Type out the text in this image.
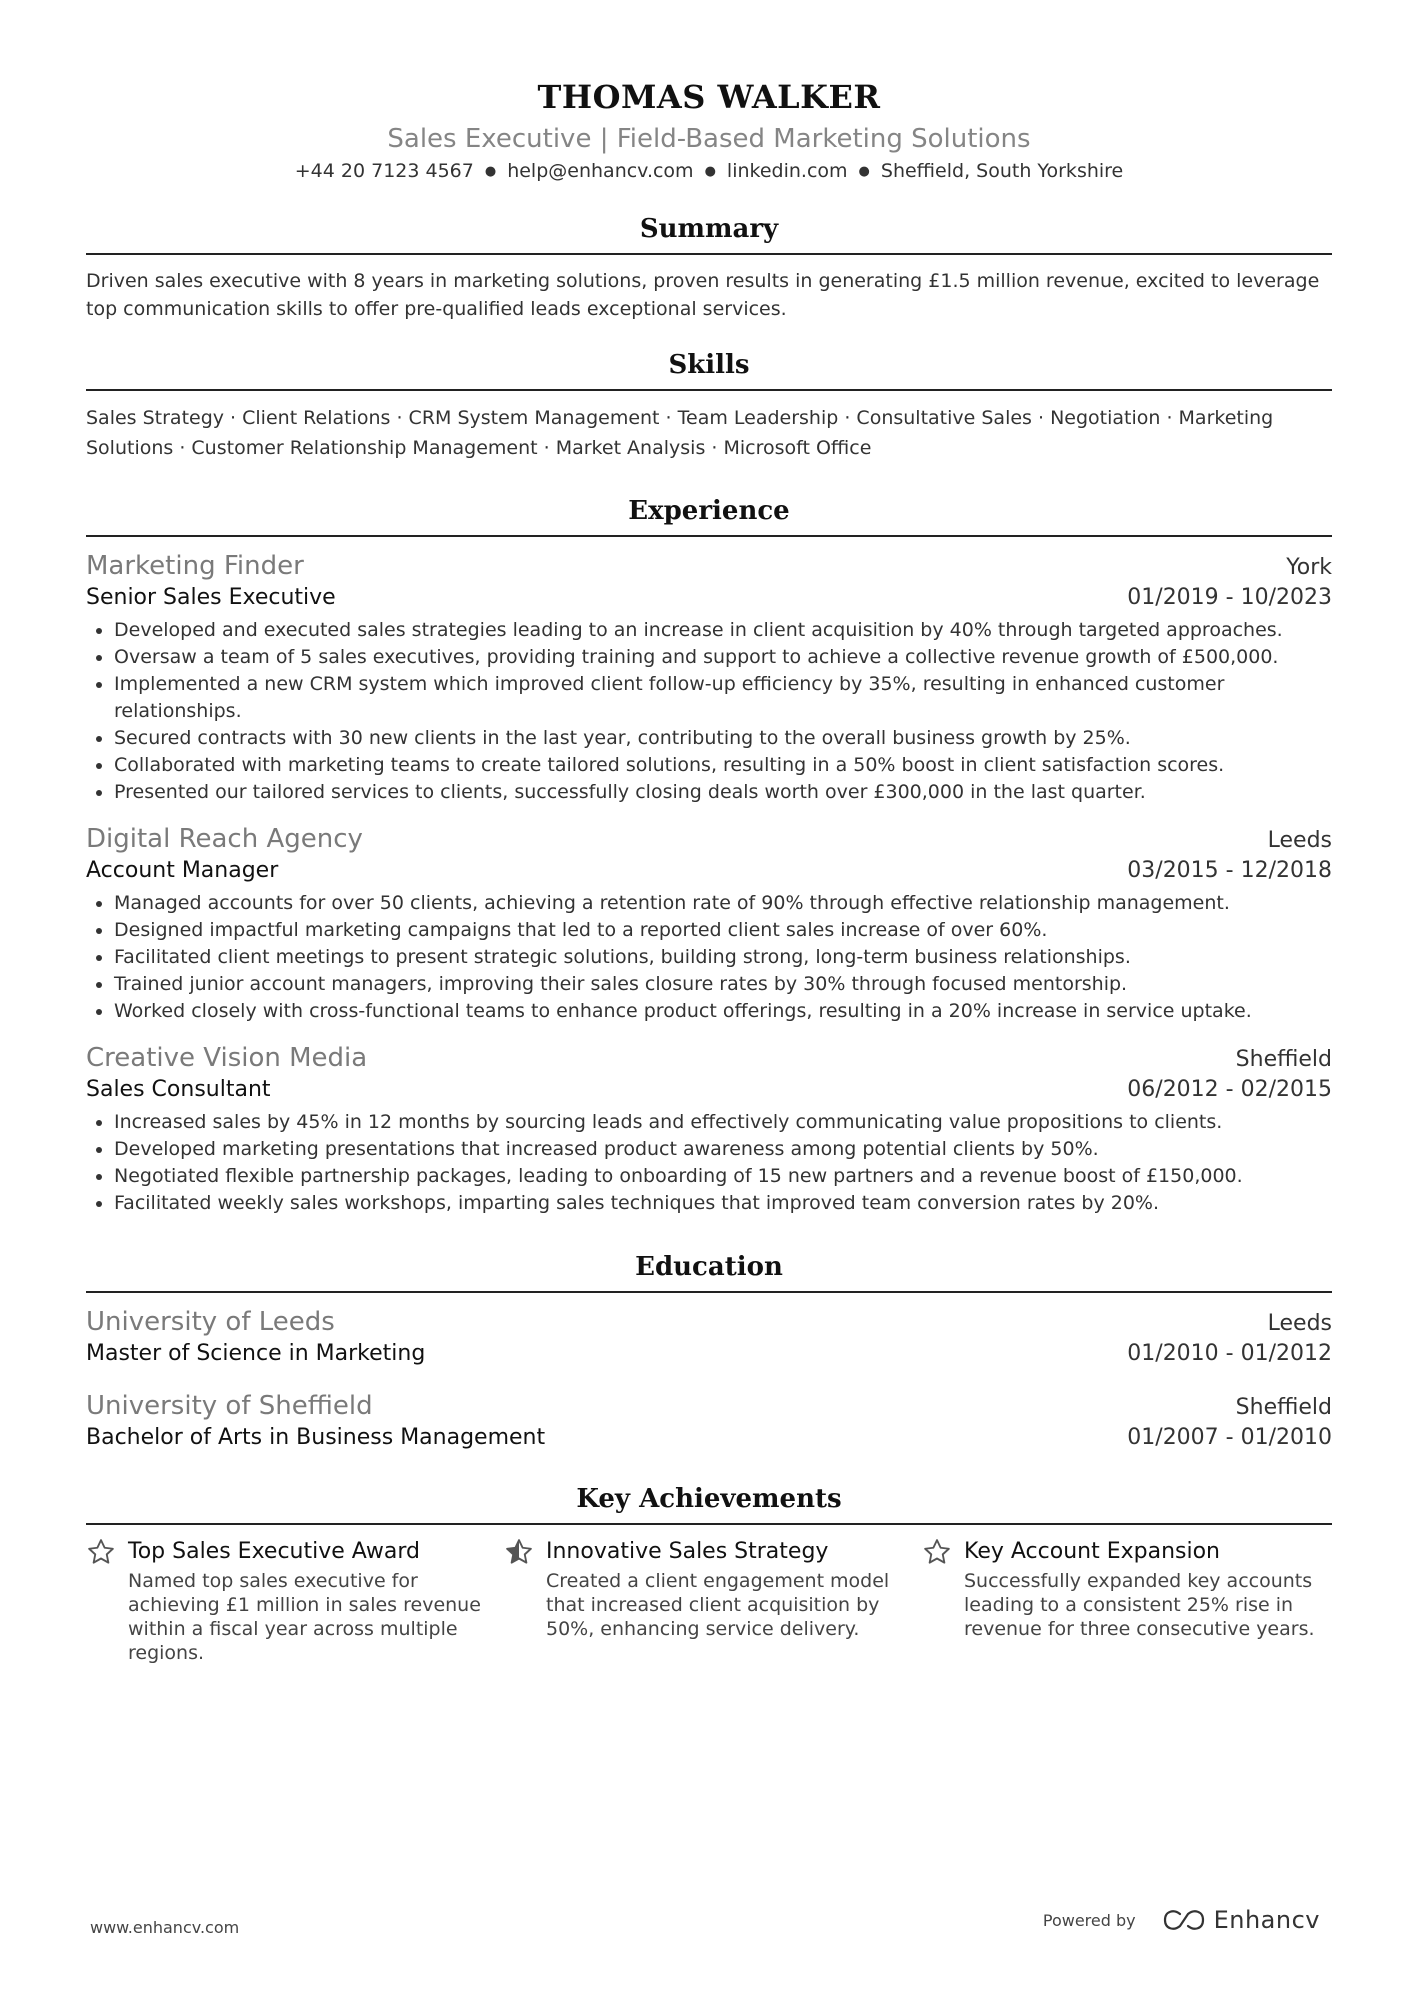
THOMAS WALKER
Sales Executive | Field-Based Marketing Solutions
+44 20 7123 4567 ● help@enhancv.com ● linkedin.com ● Sheffield, South Yorkshire
Summary
Driven sales executive with 8 years in marketing solutions, proven results in generating £1.5 million revenue, excited to leverage top communication skills to offer pre-qualified leads exceptional services.
Skills
Sales Strategy · Client Relations · CRM System Management · Team Leadership · Consultative Sales · Negotiation · Marketing Solutions · Customer Relationship Management · Market Analysis · Microsoft Office
Experience
Marketing Finder	York
Senior Sales Executive	01/2019 - 10/2023
• Developed and executed sales strategies leading to an increase in client acquisition by 40% through targeted approaches.
• Oversaw a team of 5 sales executives, providing training and support to achieve a collective revenue growth of £500,000.
• Implemented a new CRM system which improved client follow-up efficiency by 35%, resulting in enhanced customer relationships.
• Secured contracts with 30 new clients in the last year, contributing to the overall business growth by 25%.
• Collaborated with marketing teams to create tailored solutions, resulting in a 50% boost in client satisfaction scores.
• Presented our tailored services to clients, successfully closing deals worth over £300,000 in the last quarter.
Digital Reach Agency	Leeds
Account Manager	03/2015 - 12/2018
• Managed accounts for over 50 clients, achieving a retention rate of 90% through effective relationship management.
• Designed impactful marketing campaigns that led to a reported client sales increase of over 60%.
• Facilitated client meetings to present strategic solutions, building strong, long-term business relationships.
• Trained junior account managers, improving their sales closure rates by 30% through focused mentorship.
• Worked closely with cross-functional teams to enhance product offerings, resulting in a 20% increase in service uptake.
Creative Vision Media	Sheffield
Sales Consultant	06/2012 - 02/2015
• Increased sales by 45% in 12 months by sourcing leads and effectively communicating value propositions to clients.
• Developed marketing presentations that increased product awareness among potential clients by 50%.
• Negotiated flexible partnership packages, leading to onboarding of 15 new partners and a revenue boost of £150,000.
• Facilitated weekly sales workshops, imparting sales techniques that improved team conversion rates by 20%.
Education
University of Leeds	Leeds
Master of Science in Marketing	01/2010 - 01/2012
University of Sheffield	Sheffield
Bachelor of Arts in Business Management	01/2007 - 01/2010
Key Achievements
Top Sales Executive Award
Named top sales executive for achieving £1 million in sales revenue within a fiscal year across multiple regions.
Innovative Sales Strategy
Created a client engagement model that increased client acquisition by 50%, enhancing service delivery.
Key Account Expansion
Successfully expanded key accounts leading to a consistent 25% rise in revenue for three consecutive years.
www.enhancv.com	Powered by	Enhancv
